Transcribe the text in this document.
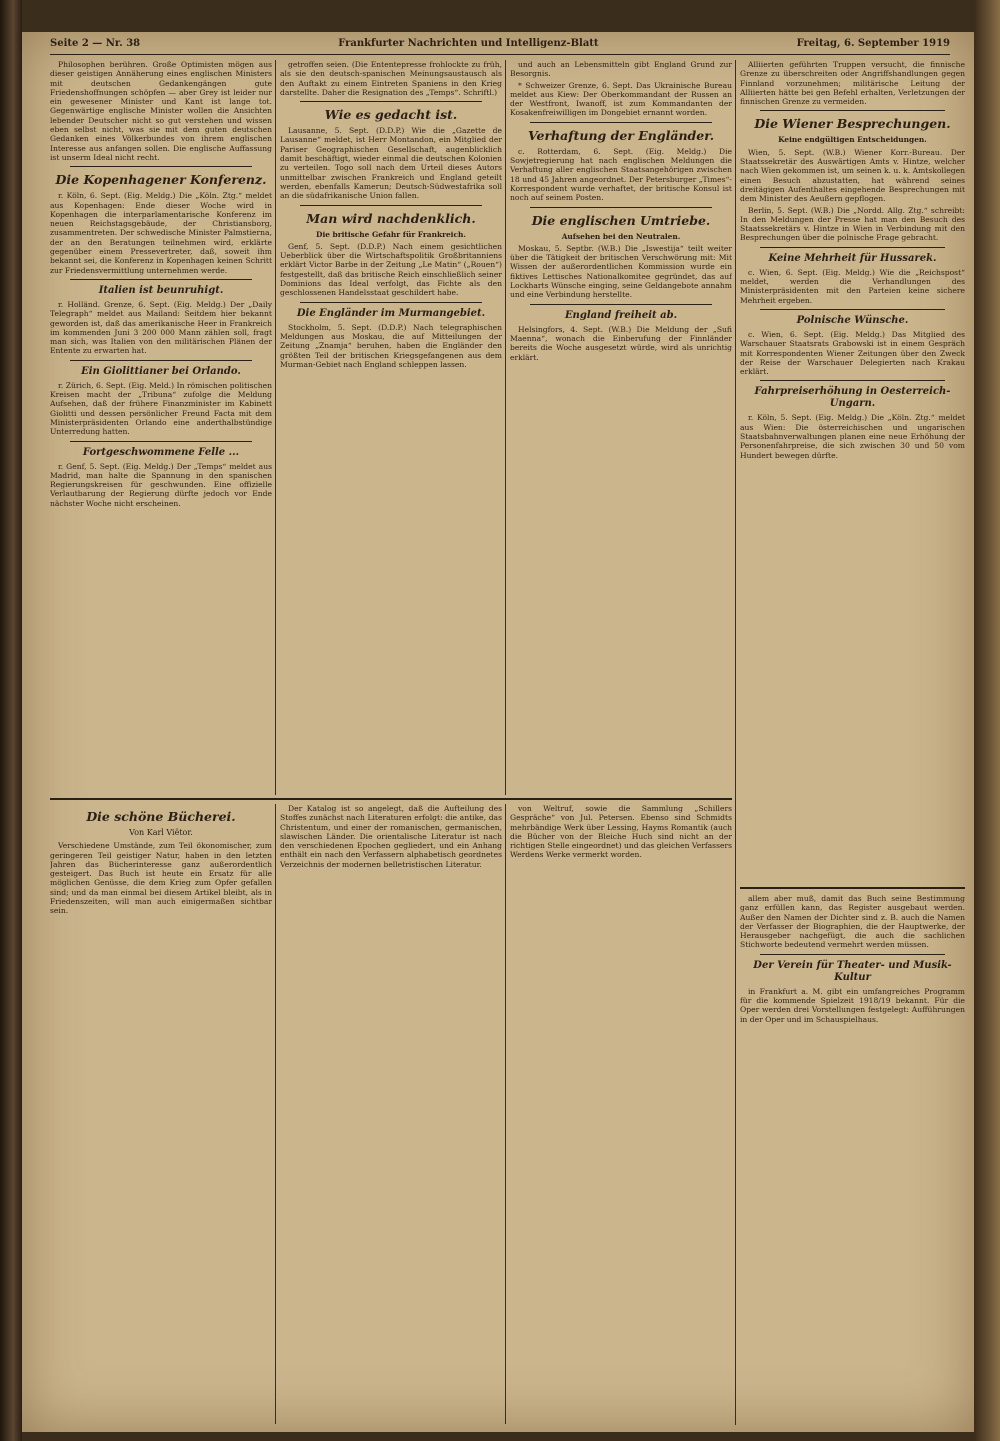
Seite 2 — Nr. 38	Frankfurter Nachrichten und Intelligenz-Blatt	Freitag, 6. September 1919

Philosophen berühren. Große Optimisten mögen aus dieser geistigen Annäherung eines englischen Ministers mit deutschen Gedankengängen gute Friedenshoffnungen schöpfen — aber Grey ist leider nur ein gewesener Minister und Kant ist lange tot. Gegenwärtige englische Minister wollen die Ansichten lebender Deutscher nicht so gut verstehen und wissen eben selbst nicht, was sie mit dem guten deutschen Gedanken eines Völkerbundes von ihrem englischen Interesse aus anfangen sollen. Die englische Auffassung ist unserm Ideal nicht recht.

Die Kopenhagener Konferenz.

r. Köln, 6. Sept. (Eig. Meldg.) Die „Köln. Ztg.“ meldet aus Kopenhagen: Ende dieser Woche wird in Kopenhagen die interparlamentarische Konferenz im neuen Reichstagsgebäude, der Christiansborg, zusammentreten. Der schwedische Minister Palmstierna, der an den Beratungen teilnehmen wird, erklärte gegenüber einem Pressevertreter, daß, soweit ihm bekannt sei, die Konferenz in Kopenhagen keinen Schritt zur Friedensvermittlung unternehmen werde.

Italien ist beunruhigt.

r. Holländ. Grenze, 6. Sept. (Eig. Meldg.) Der „Daily Telegraph“ meldet aus Mailand: Seitdem hier bekannt geworden ist, daß das amerikanische Heer in Frankreich im kommenden Juni 3 200 000 Mann zählen soll, fragt man sich, was Italien von den militärischen Plänen der Entente zu erwarten hat.

Ein Giolittianer bei Orlando.

r. Zürich, 6. Sept. (Eig. Meld.) In römischen politischen Kreisen macht der „Tribuna“ zufolge die Meldung Aufsehen, daß der frühere Finanzminister im Kabinett Giolitti und dessen persönlicher Freund Facta mit dem Ministerpräsidenten Orlando eine anderthalbstündige Unterredung hatten.

Fortgeschwommene Felle ...

r. Genf, 5. Sept. (Eig. Meldg.) Der „Temps“ meldet aus Madrid, man halte die Spannung in den spanischen Regierungskreisen für geschwunden. Eine offizielle Verlautbarung der Regierung dürfte jedoch vor Ende nächster Woche nicht erscheinen.

getroffen seien. (Die Ententepresse frohlockte zu früh, als sie den deutsch-spanischen Meinungsaustausch als den Auftakt zu einem Eintreten Spaniens in den Krieg darstellte. Daher die Resignation des „Temps“. Schriftl.)

Wie es gedacht ist.

Lausanne, 5. Sept. (D.D.P.) Wie die „Gazette de Lausanne“ meldet, ist Herr Montandon, ein Mitglied der Pariser Geographischen Gesellschaft, augenblicklich damit beschäftigt, wieder einmal die deutschen Kolonien zu verteilen. Togo soll nach dem Urteil dieses Autors unmittelbar zwischen Frankreich und England geteilt werden, ebenfalls Kamerun; Deutsch-Südwestafrika soll an die südafrikanische Union fallen.

Man wird nachdenklich.
Die britische Gefahr für Frankreich.

Genf, 5. Sept. (D.D.P.) Nach einem gesichtlichen Ueberblick über die Wirtschaftspolitik Großbritanniens erklärt Victor Barbe in der Zeitung „Le Matin“ („Rouen“) festgestellt, daß das britische Reich einschließlich seiner Dominions das Ideal verfolgt, das Fichte als den geschlossenen Handelsstaat geschildert habe.

Die Engländer im Murmangebiet.

Stockholm, 5. Sept. (D.D.P.) Nach telegraphischen Meldungen aus Moskau, die auf Mitteilungen der Zeitung „Znamja“ beruhen, haben die Engländer den größten Teil der britischen Kriegsgefangenen aus dem Murman-Gebiet nach England schleppen lassen.

und auch an Lebensmitteln gibt England Grund zur Besorgnis.

* Schweizer Grenze, 6. Sept. Das Ukrainische Bureau meldet aus Kiew: Der Oberkommandant der Russen an der Westfront, Iwanoff, ist zum Kommandanten der Kosakenfreiwilligen im Dongebiet ernannt worden.

Verhaftung der Engländer.

c. Rotterdam, 6. Sept. (Eig. Meldg.) Die Sowjetregierung hat nach englischen Meldungen die Verhaftung aller englischen Staatsangehörigen zwischen 18 und 45 Jahren angeordnet. Der Petersburger „Times“-Korrespondent wurde verhaftet, der britische Konsul ist noch auf seinem Posten.

Die englischen Umtriebe.
Aufsehen bei den Neutralen.

Moskau, 5. Septbr. (W.B.) Die „Iswestija“ teilt weiter über die Tätigkeit der britischen Verschwörung mit: Mit Wissen der außerordentlichen Kommission wurde ein fiktives Lettisches Nationalkomitee gegründet, das auf Lockharts Wünsche einging, seine Geldangebote annahm und eine Verbindung herstellte.

England freiheit ab.

Helsingfors, 4. Sept. (W.B.) Die Meldung der „Sufi Maenna“, wonach die Einberufung der Finnländer bereits die Woche ausgesetzt würde, wird als unrichtig erklärt.

Alliierten geführten Truppen versucht, die finnische Grenze zu überschreiten oder Angriffshandlungen gegen Finnland vorzunehmen; militärische Leitung der Alliierten hätte bei gen Befehl erhalten, Verletzungen der finnischen Grenze zu vermeiden.

Die Wiener Besprechungen.
Keine endgültigen Entscheidungen.

Wien, 5. Sept. (W.B.) Wiener Korr.-Bureau. Der Staatssekretär des Auswärtigen Amts v. Hintze, welcher nach Wien gekommen ist, um seinen k. u. k. Amtskollegen einen Besuch abzustatten, hat während seines dreitägigen Aufenthaltes eingehende Besprechungen mit dem Minister des Aeußern gepflogen.

Berlin, 5. Sept. (W.B.) Die „Nordd. Allg. Ztg.“ schreibt: In den Meldungen der Presse hat man den Besuch des Staatssekretärs v. Hintze in Wien in Verbindung mit den Besprechungen über die polnische Frage gebracht.

Keine Mehrheit für Hussarek.

c. Wien, 6. Sept. (Eig. Meldg.) Wie die „Reichspost“ meldet, werden die Verhandlungen des Ministerpräsidenten mit den Parteien keine sichere Mehrheit ergeben.

Polnische Wünsche.

c. Wien, 6. Sept. (Eig. Meldg.) Das Mitglied des Warschauer Staatsrats Grabowski ist in einem Gespräch mit Korrespondenten Wiener Zeitungen über den Zweck der Reise der Warschauer Delegierten nach Krakau erklärt.

Fahrpreiserhöhung in Oesterreich-Ungarn.

r. Köln, 5. Sept. (Eig. Meldg.) Die „Köln. Ztg.“ meldet aus Wien: Die österreichischen und ungarischen Staatsbahnverwaltungen planen eine neue Erhöhung der Personenfahrpreise, die sich zwischen 30 und 50 vom Hundert bewegen dürfte.

Die schöne Bücherei.
Von Karl Viëtor.

Verschiedene Umstände, zum Teil ökonomischer, zum geringeren Teil geistiger Natur, haben in den letzten Jahren das Bücherinteresse ganz außerordentlich gesteigert. Das Buch ist heute ein Ersatz für alle möglichen Genüsse, die dem Krieg zum Opfer gefallen sind; und da man einmal bei diesem Artikel bleibt, als in Friedenszeiten, will man auch einigermaßen sichtbar sein.

Der Katalog ist so angelegt, daß die Aufteilung des Stoffes zunächst nach Literaturen erfolgt: die antike, das Christentum, und einer der romanischen, germanischen, slawischen Länder. Die orientalische Literatur ist nach den verschiedenen Epochen gegliedert, und ein Anhang enthält ein nach den Verfassern alphabetisch geordnetes Verzeichnis der modernen belletristischen Literatur.

von Weltruf, sowie die Sammlung „Schillers Gespräche“ von Jul. Petersen. Ebenso sind Schmidts mehrbändige Werk über Lessing, Hayms Romantik (auch die Bücher von der Bleiche Huch sind nicht an der richtigen Stelle eingeordnet) und das gleichen Verfassers Werdens Werke vermerkt worden.

allem aber muß, damit das Buch seine Bestimmung ganz erfüllen kann, das Register ausgebaut werden. Außer den Namen der Dichter sind z. B. auch die Namen der Verfasser der Biographien, die der Hauptwerke, der Herausgeber nachgefügt, die auch die sachlichen Stichworte bedeutend vermehrt werden müssen.

Der Verein für Theater- und Musik-Kultur

in Frankfurt a. M. gibt ein umfangreiches Programm für die kommende Spielzeit 1918/19 bekannt. Für die Oper werden drei Vorstellungen festgelegt: Aufführungen in der Oper und im Schauspielhaus.
